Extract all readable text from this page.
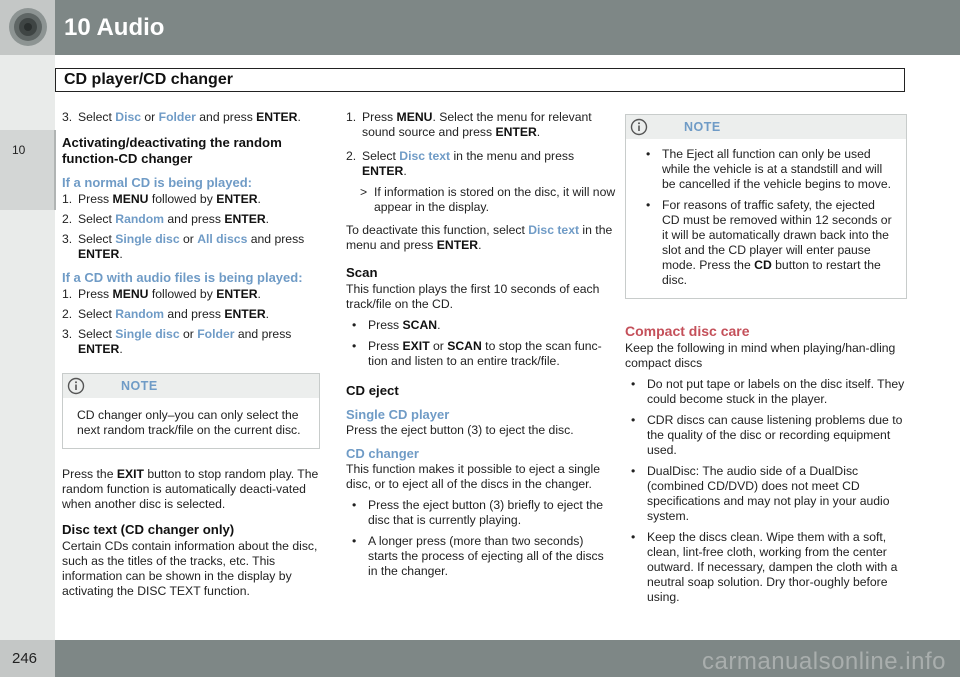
10 Audio
CD player/CD changer
10
3. Select Disc or Folder and press ENTER.
Activating/deactivating the random function-CD changer
If a normal CD is being played:
1. Press MENU followed by ENTER.
2. Select Random and press ENTER.
3. Select Single disc or All discs and press ENTER.
If a CD with audio files is being played:
1. Press MENU followed by ENTER.
2. Select Random and press ENTER.
3. Select Single disc or Folder and press ENTER.
NOTE
CD changer only–you can only select the next random track/file on the current disc.
Press the EXIT button to stop random play. The random function is automatically deacti-vated when another disc is selected.
Disc text (CD changer only)
Certain CDs contain information about the disc, such as the titles of the tracks, etc. This information can be shown in the display by activating the DISC TEXT function.
1. Press MENU. Select the menu for relevant sound source and press ENTER.
2. Select Disc text in the menu and press ENTER.
> If information is stored on the disc, it will now appear in the display.
To deactivate this function, select Disc text in the menu and press ENTER.
Scan
This function plays the first 10 seconds of each track/file on the CD.
• Press SCAN.
• Press EXIT or SCAN to stop the scan func-tion and listen to an entire track/file.
CD eject
Single CD player
Press the eject button (3) to eject the disc.
CD changer
This function makes it possible to eject a single disc, or to eject all of the discs in the changer.
• Press the eject button (3) briefly to eject the disc that is currently playing.
• A longer press (more than two seconds) starts the process of ejecting all of the discs in the changer.
NOTE
• The Eject all function can only be used while the vehicle is at a standstill and will be cancelled if the vehicle begins to move.
• For reasons of traffic safety, the ejected CD must be removed within 12 seconds or it will be automatically drawn back into the slot and the CD player will enter pause mode. Press the CD button to restart the disc.
Compact disc care
Keep the following in mind when playing/han-dling compact discs
• Do not put tape or labels on the disc itself. They could become stuck in the player.
• CDR discs can cause listening problems due to the quality of the disc or recording equipment used.
• DualDisc: The audio side of a DualDisc (combined CD/DVD) does not meet CD specifications and may not play in your audio system.
• Keep the discs clean. Wipe them with a soft, clean, lint-free cloth, working from the center outward. If necessary, dampen the cloth with a neutral soap solution. Dry thor-oughly before using.
246	carmanualsonline.info
